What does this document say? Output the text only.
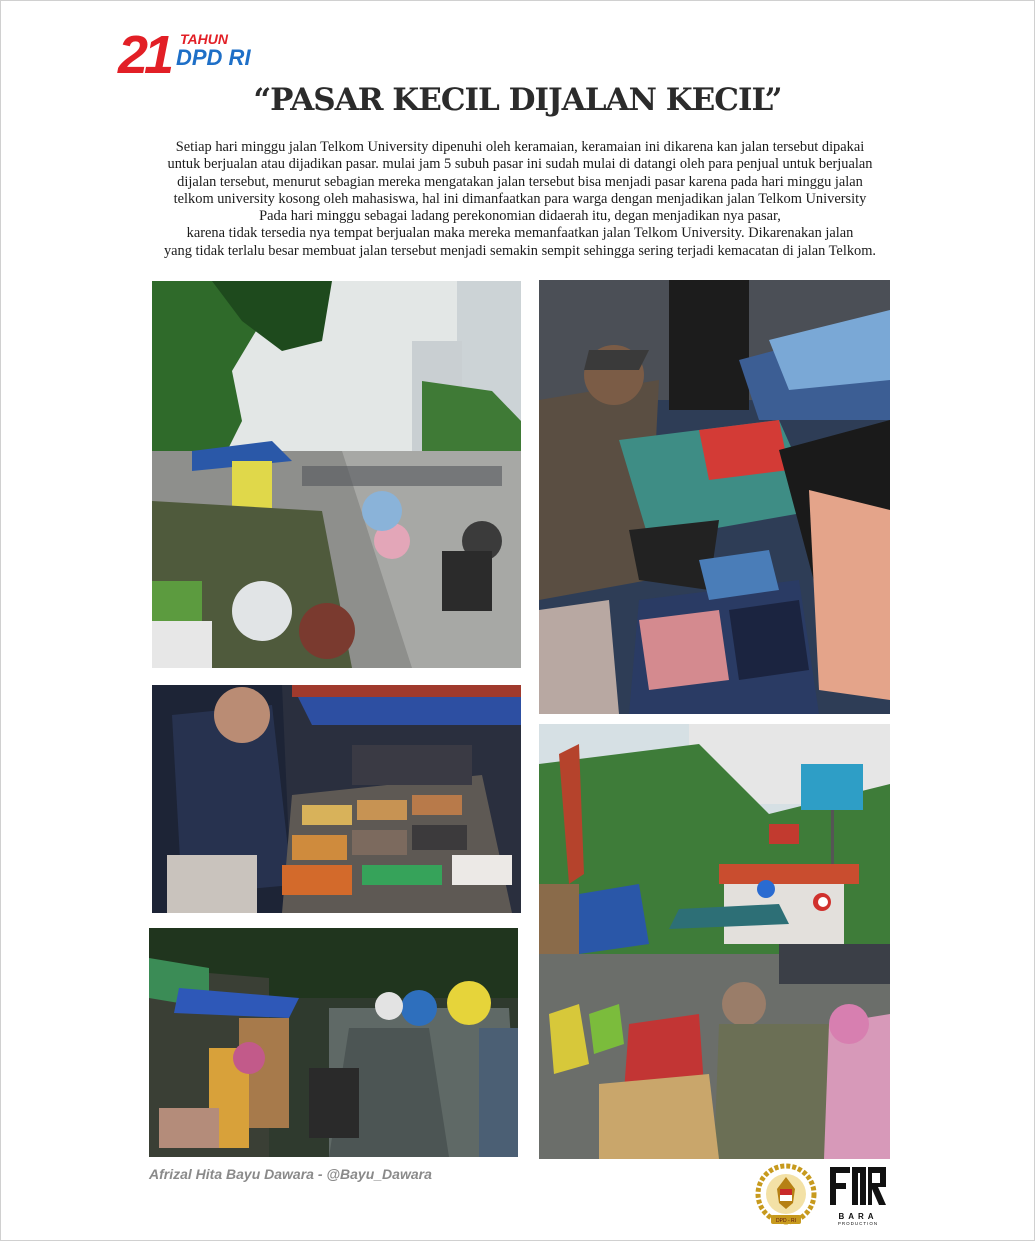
21 TAHUN
DPD RI
“PASAR KECIL DIJALAN KECIL”
Setiap hari minggu jalan Telkom University dipenuhi oleh keramaian, keramaian ini dikarena kan jalan tersebut dipakai
untuk berjualan atau dijadikan pasar. mulai jam 5 subuh pasar ini sudah mulai di datangi oleh para penjual untuk berjualan
dijalan tersebut, menurut sebagian mereka mengatakan jalan tersebut bisa menjadi pasar karena pada hari minggu jalan
telkom university kosong oleh mahasiswa, hal ini dimanfaatkan para warga dengan menjadikan jalan Telkom University
Pada hari minggu sebagai ladang perekonomian didaerah itu, degan menjadikan nya pasar,
karena tidak tersedia nya tempat berjualan maka mereka memanfaatkan jalan Telkom University. Dikarenakan jalan
yang tidak terlalu besar membuat jalan tersebut menjadi semakin sempit sehingga sering terjadi kemacatan di jalan Telkom.
Afrizal Hita Bayu Dawara - @Bayu_Dawara
DPD - RI	BARA
PRODUCTION
